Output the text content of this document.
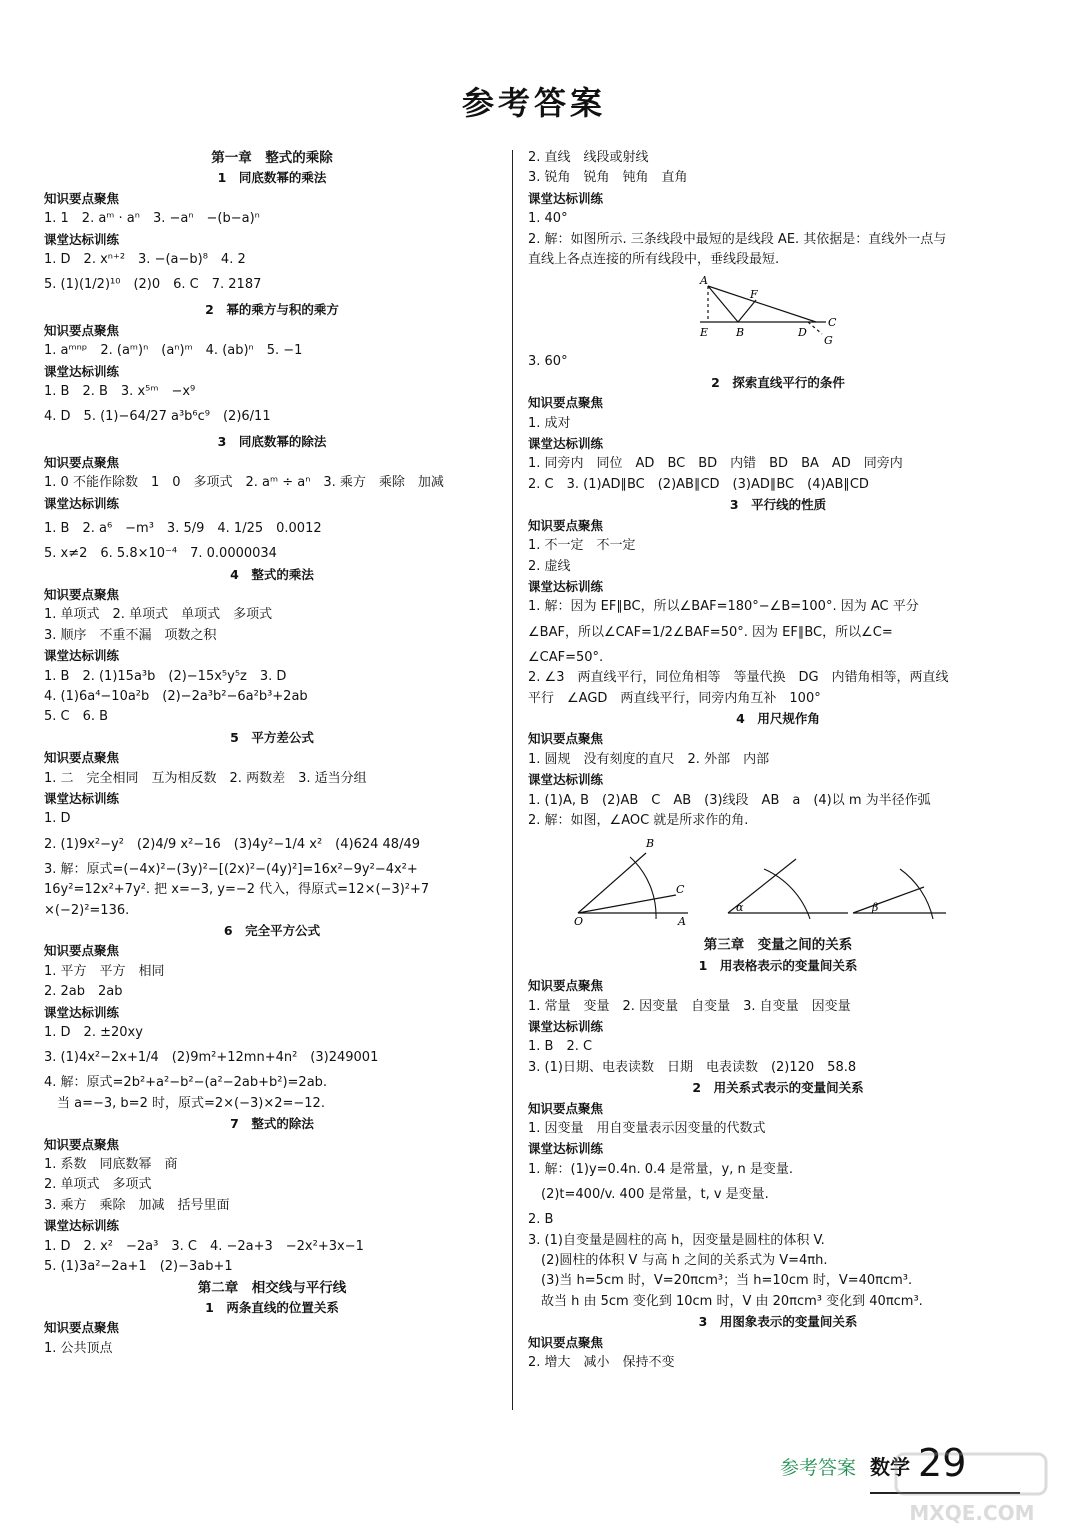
参考答案
第一章　整式的乘除
1　同底数幂的乘法
知识要点聚焦
1. 1　2. aᵐ · aⁿ　3. −aⁿ　−(b−a)ⁿ
课堂达标训练
1. D　2. xⁿ⁺²　3. −(a−b)⁸　4. 2
5. (1)(1/2)¹⁰　(2)0　6. C　7. 2187
2　幂的乘方与积的乘方
知识要点聚焦
1. aᵐⁿᵖ　2. (aᵐ)ⁿ　(aⁿ)ᵐ　4. (ab)ⁿ　5. −1
课堂达标训练
1. B　2. B　3. x⁵ᵐ　−x⁹
4. D　5. (1)−64/27 a³b⁶c⁹　(2)6/11
3　同底数幂的除法
知识要点聚焦
1. 0 不能作除数　1　0　多项式　2. aᵐ ÷ aⁿ　3. 乘方　乘除　加减
课堂达标训练
1. B　2. a⁶　−m³　3. 5/9　4. 1/25　0.0012
5. x≠2　6. 5.8×10⁻⁴　7. 0.0000034
4　整式的乘法
知识要点聚焦
1. 单项式　2. 单项式　单项式　多项式
3. 顺序　不重不漏　项数之积
课堂达标训练
1. B　2. (1)15a³b　(2)−15x⁵y⁵z　3. D
4. (1)6a⁴−10a²b　(2)−2a³b²−6a²b³+2ab
5. C　6. B
5　平方差公式
知识要点聚焦
1. 二　完全相同　互为相反数　2. 两数差　3. 适当分组
课堂达标训练
1. D
2. (1)9x²−y²　(2)4/9 x²−16　(3)4y²−1/4 x²　(4)624 48/49
3. 解：原式=(−4x)²−(3y)²−[(2x)²−(4y)²]=16x²−9y²−4x²+
16y²=12x²+7y². 把 x=−3, y=−2 代入，得原式=12×(−3)²+7
×(−2)²=136.
6　完全平方公式
知识要点聚焦
1. 平方　平方　相同
2. 2ab　2ab
课堂达标训练
1. D　2. ±20xy
3. (1)4x²−2x+1/4　(2)9m²+12mn+4n²　(3)249001
4. 解：原式=2b²+a²−b²−(a²−2ab+b²)=2ab.
　当 a=−3, b=2 时，原式=2×(−3)×2=−12.
7　整式的除法
知识要点聚焦
1. 系数　同底数幂　商
2. 单项式　多项式
3. 乘方　乘除　加减　括号里面
课堂达标训练
1. D　2. x²　−2a³　3. C　4. −2a+3　−2x²+3x−1
5. (1)3a²−2a+1　(2)−3ab+1
第二章　相交线与平行线
1　两条直线的位置关系
知识要点聚焦
1. 公共顶点
2. 直线　线段或射线
3. 锐角　锐角　钝角　直角
课堂达标训练
1. 40°
2. 解：如图所示. 三条线段中最短的是线段 AE. 其依据是：直线外一点与
直线上各点连接的所有线段中，垂线段最短.
A
F
E	B	D
C
G
3. 60°
2　探索直线平行的条件
知识要点聚焦
1. 成对
课堂达标训练
1. 同旁内　同位　AD　BC　BD　内错　BD　BA　AD　同旁内
2. C　3. (1)AD∥BC　(2)AB∥CD　(3)AD∥BC　(4)AB∥CD
3　平行线的性质
知识要点聚焦
1. 不一定　不一定
2. 虚线
课堂达标训练
1. 解：因为 EF∥BC，所以∠BAF=180°−∠B=100°. 因为 AC 平分
∠BAF，所以∠CAF=1/2∠BAF=50°. 因为 EF∥BC，所以∠C=
∠CAF=50°.
2. ∠3　两直线平行，同位角相等　等量代换　DG　内错角相等，两直线
平行　∠AGD　两直线平行，同旁内角互补　100°
4　用尺规作角
知识要点聚焦
1. 圆规　没有刻度的直尺　2. 外部　内部
课堂达标训练
1. (1)A, B　(2)AB　C　AB　(3)线段　AB　a　(4)以 m 为半径作弧
2. 解：如图，∠AOC 就是所求作的角.
B
C
O	A
α	β
第三章　变量之间的关系
1　用表格表示的变量间关系
知识要点聚焦
1. 常量　变量　2. 因变量　自变量　3. 自变量　因变量
课堂达标训练
1. B　2. C
3. (1)日期、电表读数　日期　电表读数　(2)120　58.8
2　用关系式表示的变量间关系
知识要点聚焦
1. 因变量　用自变量表示因变量的代数式
课堂达标训练
1. 解：(1)y=0.4n. 0.4 是常量，y, n 是变量.
　(2)t=400/v. 400 是常量，t, v 是变量.
2. B
3. (1)自变量是圆柱的高 h，因变量是圆柱的体积 V.
　(2)圆柱的体积 V 与高 h 之间的关系式为 V=4πh.
　(3)当 h=5cm 时，V=20πcm³；当 h=10cm 时，V=40πcm³.
　故当 h 由 5cm 变化到 10cm 时，V 由 20πcm³ 变化到 40πcm³.
3　用图象表示的变量间关系
知识要点聚焦
2. 增大　减小　保持不变
参考答案 数学 29
MXQE.COM
